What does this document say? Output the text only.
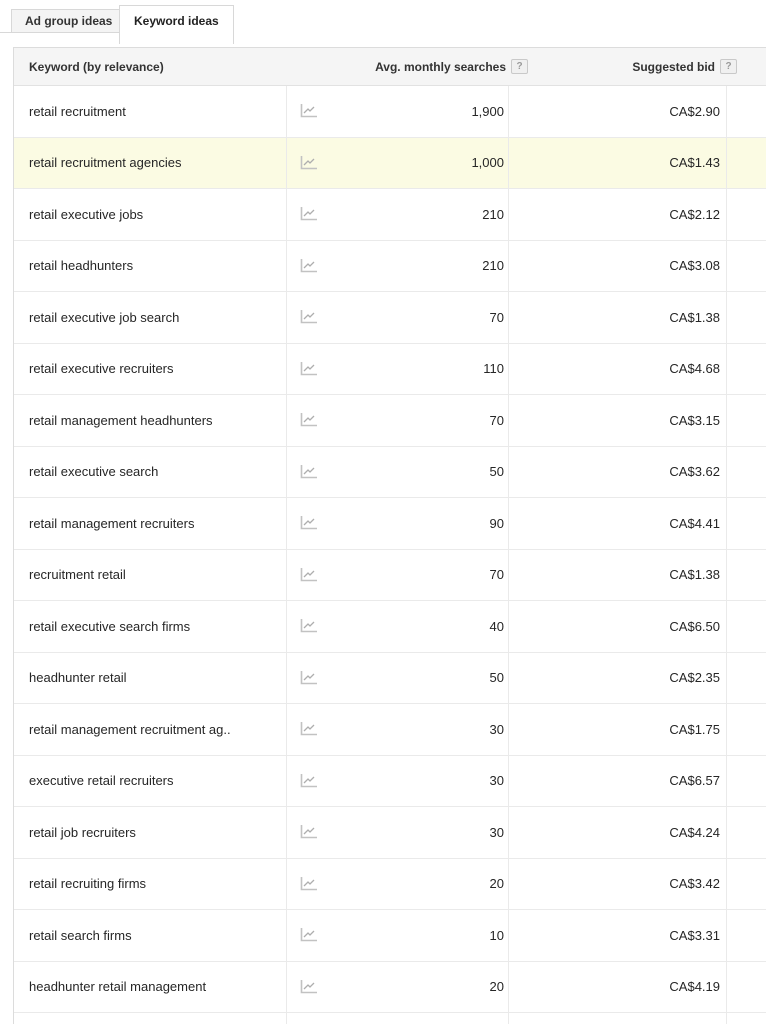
Ad group ideas	Keyword ideas
Keyword (by relevance)	Avg. monthly searches	?	Suggested bid	?
retail recruitment	1,900	CA$2.90
retail recruitment agencies	1,000	CA$1.43
retail executive jobs	210	CA$2.12
retail headhunters	210	CA$3.08
retail executive job search	70	CA$1.38
retail executive recruiters	110	CA$4.68
retail management headhunters	70	CA$3.15
retail executive search	50	CA$3.62
retail management recruiters	90	CA$4.41
recruitment retail	70	CA$1.38
retail executive search firms	40	CA$6.50
headhunter retail	50	CA$2.35
retail management recruitment ag..	30	CA$1.75
executive retail recruiters	30	CA$6.57
retail job recruiters	30	CA$4.24
retail recruiting firms	20	CA$3.42
retail search firms	10	CA$3.31
headhunter retail management	20	CA$4.19
